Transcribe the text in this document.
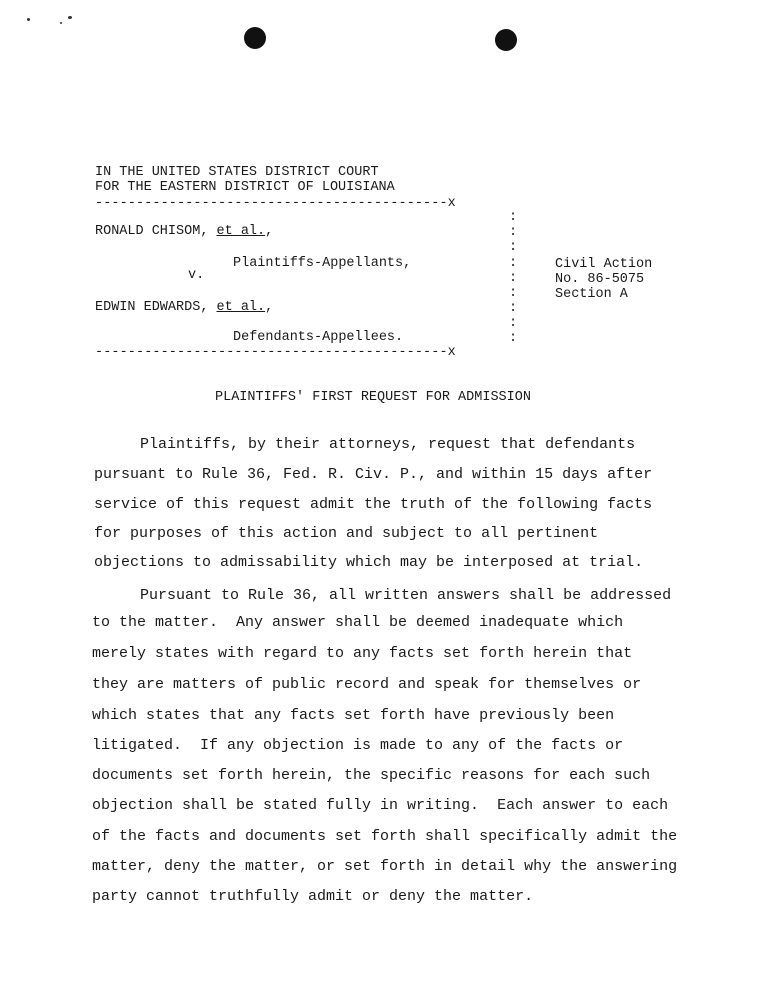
IN THE UNITED STATES DISTRICT COURT
FOR THE EASTERN DISTRICT OF LOUISIANA
-------------------------------------------x
RONALD CHISOM, et al.,
Plaintiffs-Appellants,
v.
EDWIN EDWARDS, et al.,
Defendants-Appellees.
-------------------------------------------x
:
:
:
:
:
:
:
:
:
Civil Action
No. 86-5075
Section A
PLAINTIFFS' FIRST REQUEST FOR ADMISSION
Plaintiffs, by their attorneys, request that defendants
pursuant to Rule 36, Fed. R. Civ. P., and within 15 days after
service of this request admit the truth of the following facts
for purposes of this action and subject to all pertinent
objections to admissability which may be interposed at trial.
Pursuant to Rule 36, all written answers shall be addressed
to the matter.  Any answer shall be deemed inadequate which
merely states with regard to any facts set forth herein that
they are matters of public record and speak for themselves or
which states that any facts set forth have previously been
litigated.  If any objection is made to any of the facts or
documents set forth herein, the specific reasons for each such
objection shall be stated fully in writing.  Each answer to each
of the facts and documents set forth shall specifically admit the
matter, deny the matter, or set forth in detail why the answering
party cannot truthfully admit or deny the matter.
